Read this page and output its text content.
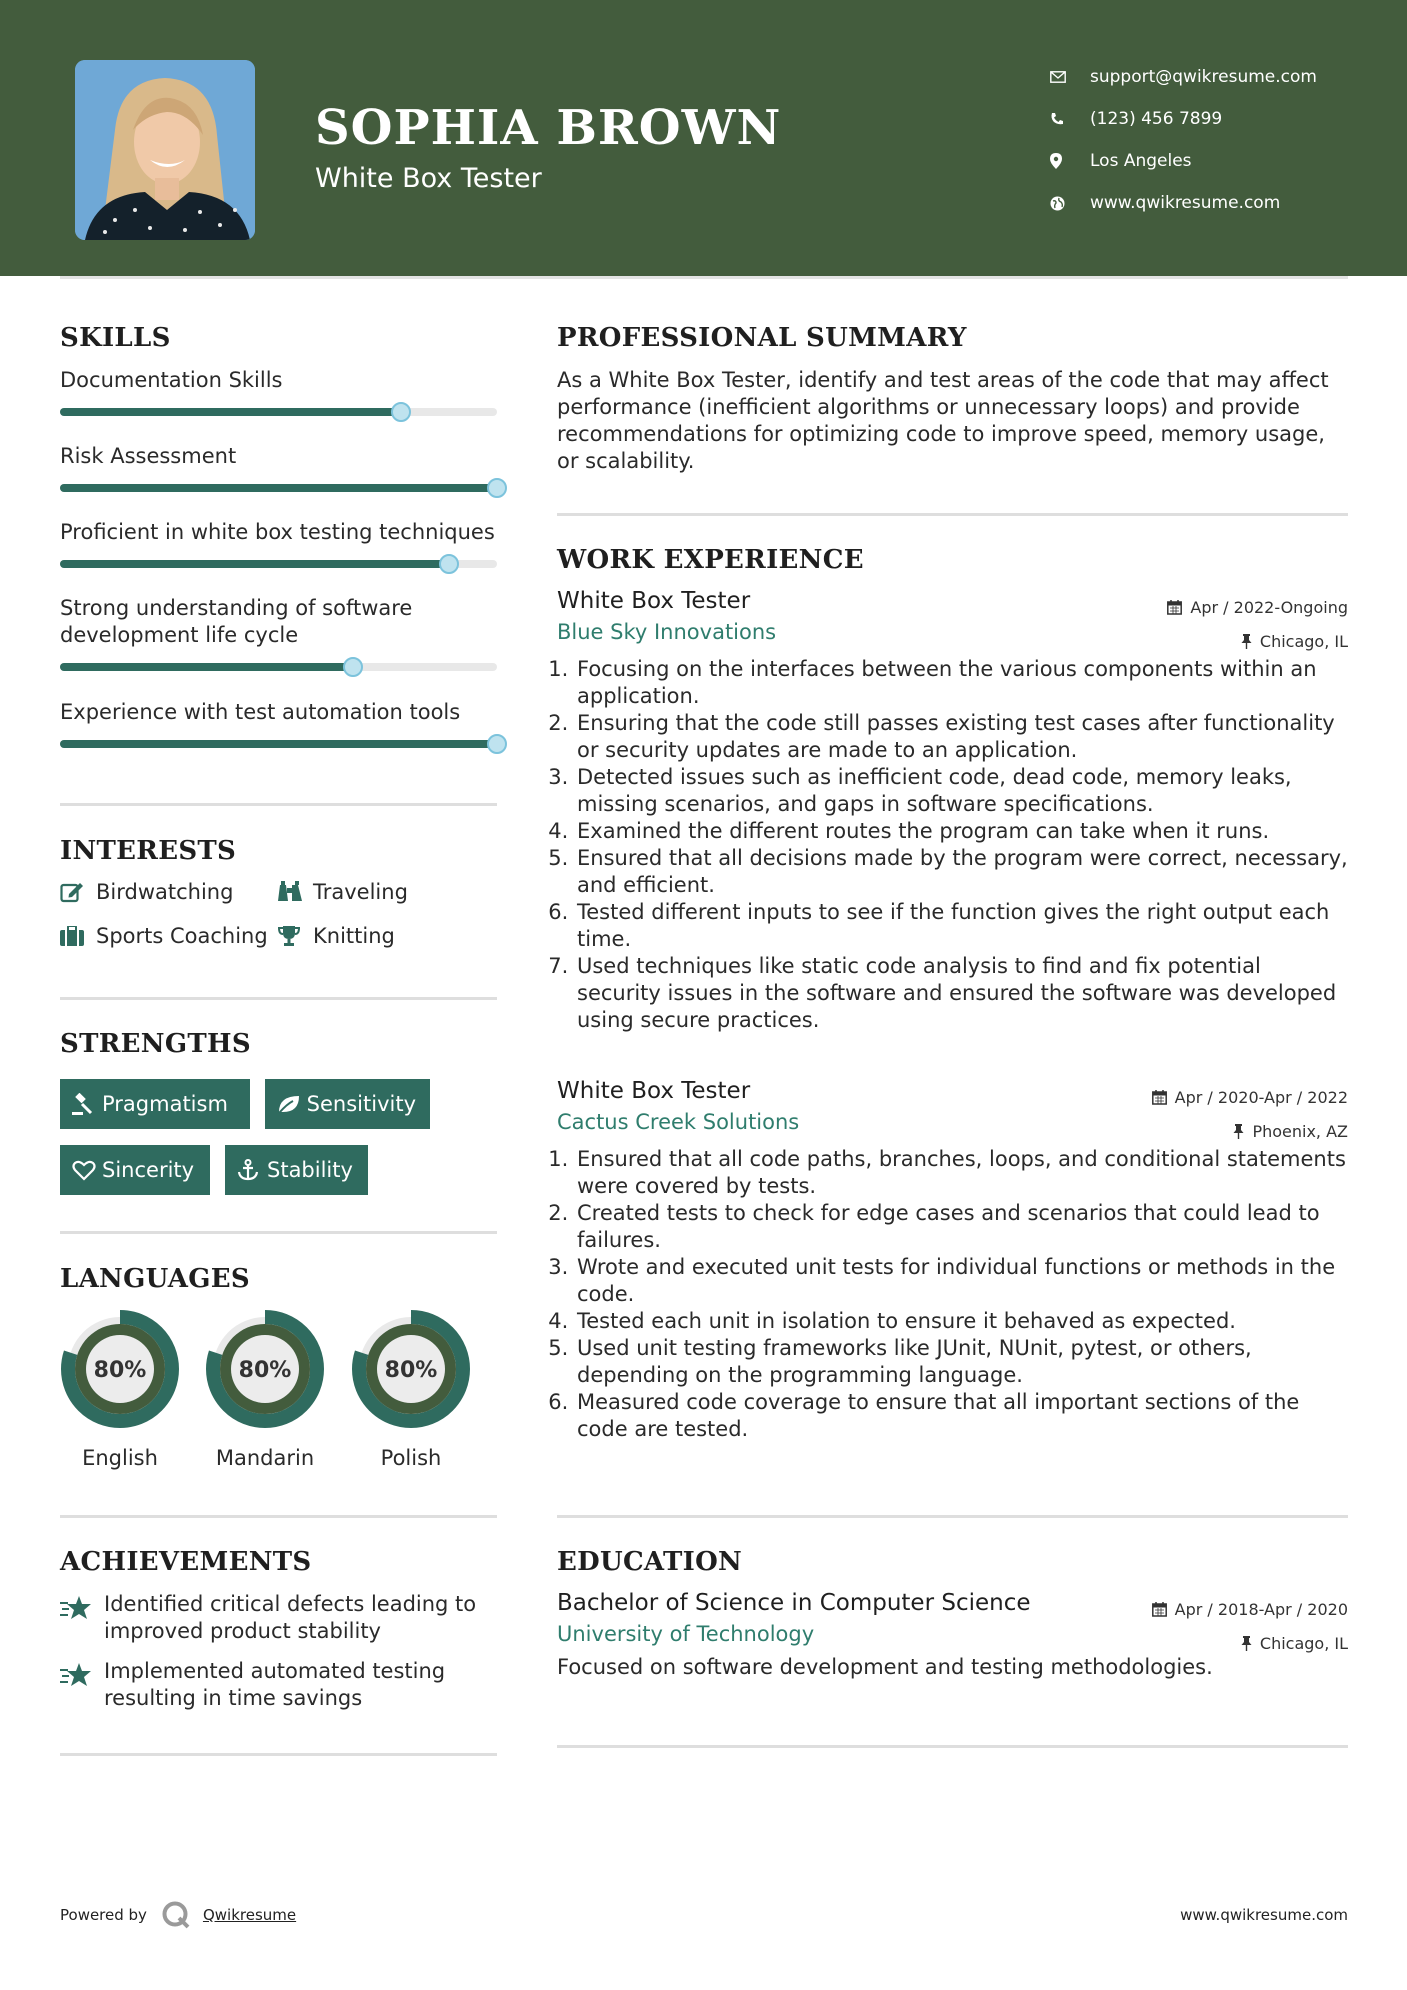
SOPHIA BROWN
White Box Tester
support@qwikresume.com
(123) 456 7899
Los Angeles
www.qwikresume.com
SKILLS
Documentation Skills
Risk Assessment
Proficient in white box testing techniques
Strong understanding of software development life cycle
Experience with test automation tools
INTERESTS
Birdwatching	Traveling
Sports Coaching Knitting
STRENGTHS
Pragmatism	Sensitivity
Sincerity	Stability
LANGUAGES
80%
English
80%
Mandarin
80%
Polish
ACHIEVEMENTS
Identified critical defects leading to improved product stability
Implemented automated testing resulting in time savings
PROFESSIONAL SUMMARY
As a White Box Tester, identify and test areas of the code that may affect performance (inefficient algorithms or unnecessary loops) and provide recommendations for optimizing code to improve speed, memory usage, or scalability.
WORK EXPERIENCE
White Box Tester	Apr / 2022-Ongoing
Blue Sky Innovations	Chicago, IL
1. Focusing on the interfaces between the various components within an application.
2. Ensuring that the code still passes existing test cases after functionality or security updates are made to an application.
3. Detected issues such as inefficient code, dead code, memory leaks, missing scenarios, and gaps in software specifications.
4. Examined the different routes the program can take when it runs.
5. Ensured that all decisions made by the program were correct, necessary, and efficient.
6. Tested different inputs to see if the function gives the right output each time.
7. Used techniques like static code analysis to find and fix potential security issues in the software and ensured the software was developed using secure practices.
White Box Tester	Apr / 2020-Apr / 2022
Cactus Creek Solutions	Phoenix, AZ
1. Ensured that all code paths, branches, loops, and conditional statements were covered by tests.
2. Created tests to check for edge cases and scenarios that could lead to failures.
3. Wrote and executed unit tests for individual functions or methods in the code.
4. Tested each unit in isolation to ensure it behaved as expected.
5. Used unit testing frameworks like JUnit, NUnit, pytest, or others, depending on the programming language.
6. Measured code coverage to ensure that all important sections of the code are tested.
EDUCATION
Bachelor of Science in Computer Science	Apr / 2018-Apr / 2020
University of Technology	Chicago, IL
Focused on software development and testing methodologies.
Powered by	Qwikresume	www.qwikresume.com
